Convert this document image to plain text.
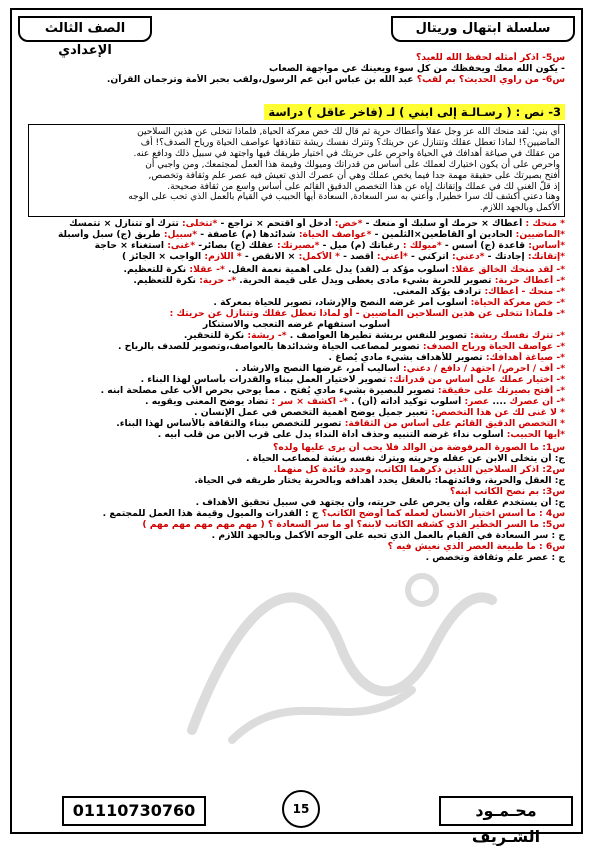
سلسلة ابتهال وريتال
الصف الثالث الإعدادي	س5- اذكر أمثله لحفظ الله للعبد؟
- يكون الله معك ويحفظك من كل سوء ويعينك عي مواجهة الصعاب
س6- من راوي الحديث؟ بم لقب؟ عبد الله بن عباس ابن عم الرسول،ولقب بحبر الأمة وترجمان القرآن.
3- نص : ( رسـالـة إلى ابني ) لـ (فاخر عاقل ) دراسة
أي بني: لقد منحك الله عز وجل عقلا وأعطاك حرية ثم قال لك خض معركة الحياة, فلماذا تتخلى عن هذين السلاحين
الماضيين؟! لماذا تعطل عقلك وتتنازل عن حريتك؟ وتترك نفسك ريشة تتقاذفها عواصف الحياة ورياح الصدف؟! أف
من عقلك في صياغة أهدافك في الحياة واحرص على حريتك في اختيار طريقك فيها واجتهد في سبيل ذلك ودافع عنه.
واحرص على أن يكون اختيارك لعملك على أساس من قدراتك وميولك وقيمة هذا العمل لمجتمعك, ومن واجبي أن
أفتح بصيرتك على حقيقة مهمة جدا فيما يخص عملك وهي أن عصرك الذي تعيش فيه عصر علم وثقافة وتخصص,
إذ قلّ الغنى لك في عملك وإتقانك إياه عن هذا التخصص الدقيق القائم على أساس واسع من ثقافة صحيحة.
وهنا دعني أكشف لك سرا خطيرا, وأعني به سر السعادة, السعادة أيها الحبيب في القيام بالعمل الذي تحب على الوجه
الأكمل وبالجهد اللازم.
* منحك : أعطاك × حرمك أو سلبك أو منعك - *خض: أدخل أو اقتحم × تراجع - *تتخلى: تترك أو تتنازل × تتمسك
*الماضيين: الحادين أو القاطعين×الثلمين - *عواصف الحياة: شدائدها (م) عاصفة - *سبيل: طريق (ج) سبل وأسبلة
*أساس: قاعدة (ج) أسس - *ميولك : رغباتك (م) ميل - *بصيرتك: عقلك (ج) بصائر- *غنى: استغناء × حاجة
*إتقانك: إجادتك - *دعني: اتركني - *أعني: أقصد - * الأكمل: × الانقص - * اللازم: الواجب × الجائز )
*- لقد منحك الخالق عقلا: أسلوب مؤكد بـ (لقد) يدل على أهمية نعمة العقل. *- عقلا: نكرة للتعظيم.
*- أعطاك حرية: تصوير للحرية بشيء مادى يعطى ويدل على قيمة الحرية. *- حرية: نكرة للتعظيم.
*- منحك - أعطاك: ترادف يؤكد المعنى.
*- خض معركة الحياة: أسلوب أمر غرضه النصح والإرشاد، تصوير للحياة بمعركة .
*- فلماذا تتخلى عن هذين السلاحين الماضيين - أو لماذا تعطل عقلك وتتنازل عن حريتك :
أسلوب استفهام غرضه التعجب والاستنكار
*- تترك نفسك ريشة: تصوير للنفس بريشة تطيرها العواصف . *- ريشة: نكرة للتحقير.
*- عواصف الحياة ورياح الصدف: تصوير لمصاعب الحياة وشدائدها بالعواصف،وتصوير للصدف بالرياح .
*- صياغة أهدافك: تصوير للأهداف بشيء مادي يُصاغ .
*- أف / احرص/ اجتهد / دافع / دعني: أساليب أمر، غرضها النصح والارشاد .
*- اختيار عملك على أساس من قدراتك: تصوير لاختيار العمل ببناء والقدرات بأساس لهذا البناء .
*- أفتح بصيرتك على حقيقة: تصوير للبصيرة بشيء مادي يُفتح . مما يوحي بحرص الأب على مصلحة ابنه .
*- أن عصرك .... عصر: أسلوب توكيد أداته (أن) . *- اكشف × سر : تضاد يوضح المعنى ويقويه .
* لا غنى لك عن هذا التخصص: تعبير جميل يوضح أهمية التخصص في عمل الإنسان .
* التخصص الدقيق القائم على أساس من الثقافة: تصوير للتخصص ببناء والثقافة بالأساس لهذا البناء.
*أيها الحبيب: أسلوب نداء غرضه التنبيه وحذف أداة النداء يدل على قرب الابن من قلب أبيه .
س1: ما الصورة المرفوضة من الوالد فلا يحب أن يرى عليها ولده؟
ج: أن يتخلى الابن عن عقله وحريته ويترك نفسه ريشة لمصاعب الحياة .
س2: اذكر السلاحين اللذين ذكرهما الكاتب، وحدد فائدة كل منهما.
ج: العقل والحرية، وفائدتهما: بالعقل يحدد أهدافه وبالحرية يختار طريقه في الحياة.
س3: بم نصح الكاتب ابنه؟
ج: أن يستخدم عقله، وأن يحرص على حريته، وأن يجتهد في سبيل تحقيق الأهداف .
س4 : ما أسس اختيار الانسان لعمله كما أوضح الكاتب؟ ج : القدرات والميول وقيمة هذا العمل للمجتمع .
س5: ما السر الخطير الذي كشفه الكاتب لابنه؟ أو ما سر السعادة ؟ ( مهم مهم مهم مهم مهم )
ج : سر السعادة في القيام بالعمل الذي تحبه على الوجه الأكمل وبالجهد اللازم .
س6 : ما طبيعة العصر الذي نعيش فيه ؟
ج : عصر علم وثقافة وتخصص .
محـمـود الشـريف
15
01110730760
